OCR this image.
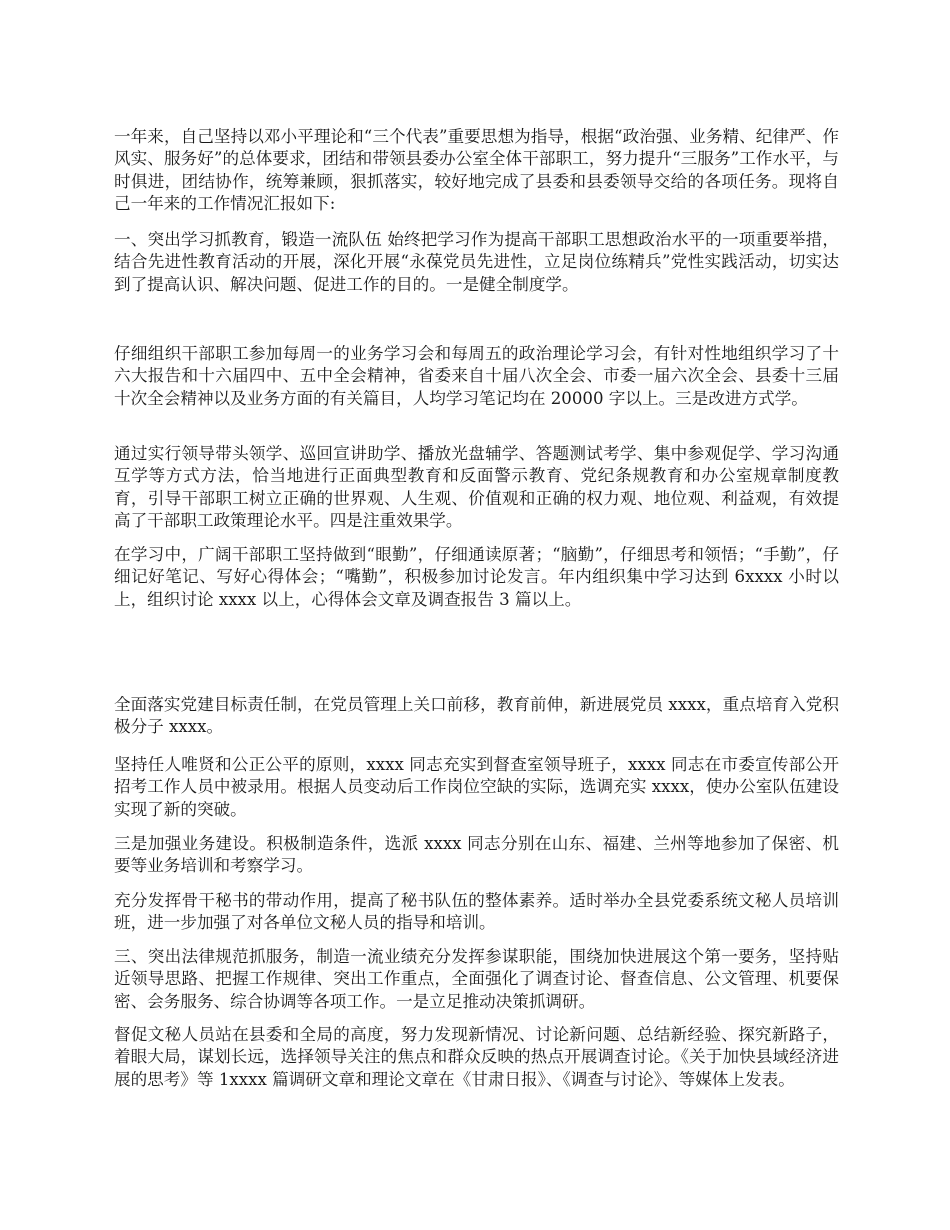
一年来，自己坚持以邓小平理论和“三个代表”重要思想为指导，根据“政治强、业务精、纪律严、作风实、服务好”的总体要求，团结和带领县委办公室全体干部职工，努力提升“三服务”工作水平，与时俱进，团结协作，统筹兼顾，狠抓落实，较好地完成了县委和县委领导交给的各项任务。现将自己一年来的工作情况汇报如下:

一、突出学习抓教育，锻造一流队伍 始终把学习作为提高干部职工思想政治水平的一项重要举措，结合先进性教育活动的开展，深化开展“永葆党员先进性，立足岗位练精兵”党性实践活动，切实达到了提高认识、解决问题、促进工作的目的。一是健全制度学。

仔细组织干部职工参加每周一的业务学习会和每周五的政治理论学习会，有针对性地组织学习了十六大报告和十六届四中、五中全会精神，省委来自十届八次全会、市委一届六次全会、县委十三届十次全会精神以及业务方面的有关篇目，人均学习笔记均在 20000 字以上。三是改进方式学。

通过实行领导带头领学、巡回宣讲助学、播放光盘辅学、答题测试考学、集中参观促学、学习沟通互学等方式方法，恰当地进行正面典型教育和反面警示教育、党纪条规教育和办公室规章制度教育，引导干部职工树立正确的世界观、人生观、价值观和正确的权力观、地位观、利益观，有效提高了干部职工政策理论水平。四是注重效果学。

在学习中，广阔干部职工坚持做到“眼勤”，仔细通读原著；“脑勤”，仔细思考和领悟；“手勤”，仔细记好笔记、写好心得体会；“嘴勤”，积极参加讨论发言。年内组织集中学习达到 6xxxx 小时以上，组织讨论 xxxx 以上，心得体会文章及调查报告 3 篇以上。

全面落实党建目标责任制，在党员管理上关口前移，教育前伸，新进展党员 xxxx，重点培育入党积极分子 xxxx。

坚持任人唯贤和公正公平的原则，xxxx 同志充实到督查室领导班子，xxxx 同志在市委宣传部公开招考工作人员中被录用。根据人员变动后工作岗位空缺的实际，选调充实 xxxx，使办公室队伍建设实现了新的突破。

三是加强业务建设。积极制造条件，选派 xxxx 同志分别在山东、福建、兰州等地参加了保密、机要等业务培训和考察学习。

充分发挥骨干秘书的带动作用，提高了秘书队伍的整体素养。适时举办全县党委系统文秘人员培训班，进一步加强了对各单位文秘人员的指导和培训。

三、突出法律规范抓服务，制造一流业绩充分发挥参谋职能，围绕加快进展这个第一要务，坚持贴近领导思路、把握工作规律、突出工作重点，全面强化了调查讨论、督查信息、公文管理、机要保密、会务服务、综合协调等各项工作。一是立足推动决策抓调研。

督促文秘人员站在县委和全局的高度，努力发现新情况、讨论新问题、总结新经验、探究新路子，着眼大局，谋划长远，选择领导关注的焦点和群众反映的热点开展调查讨论。《关于加快县域经济进展的思考》等 1xxxx 篇调研文章和理论文章在《甘肃日报》、《调查与讨论》、等媒体上发表。
